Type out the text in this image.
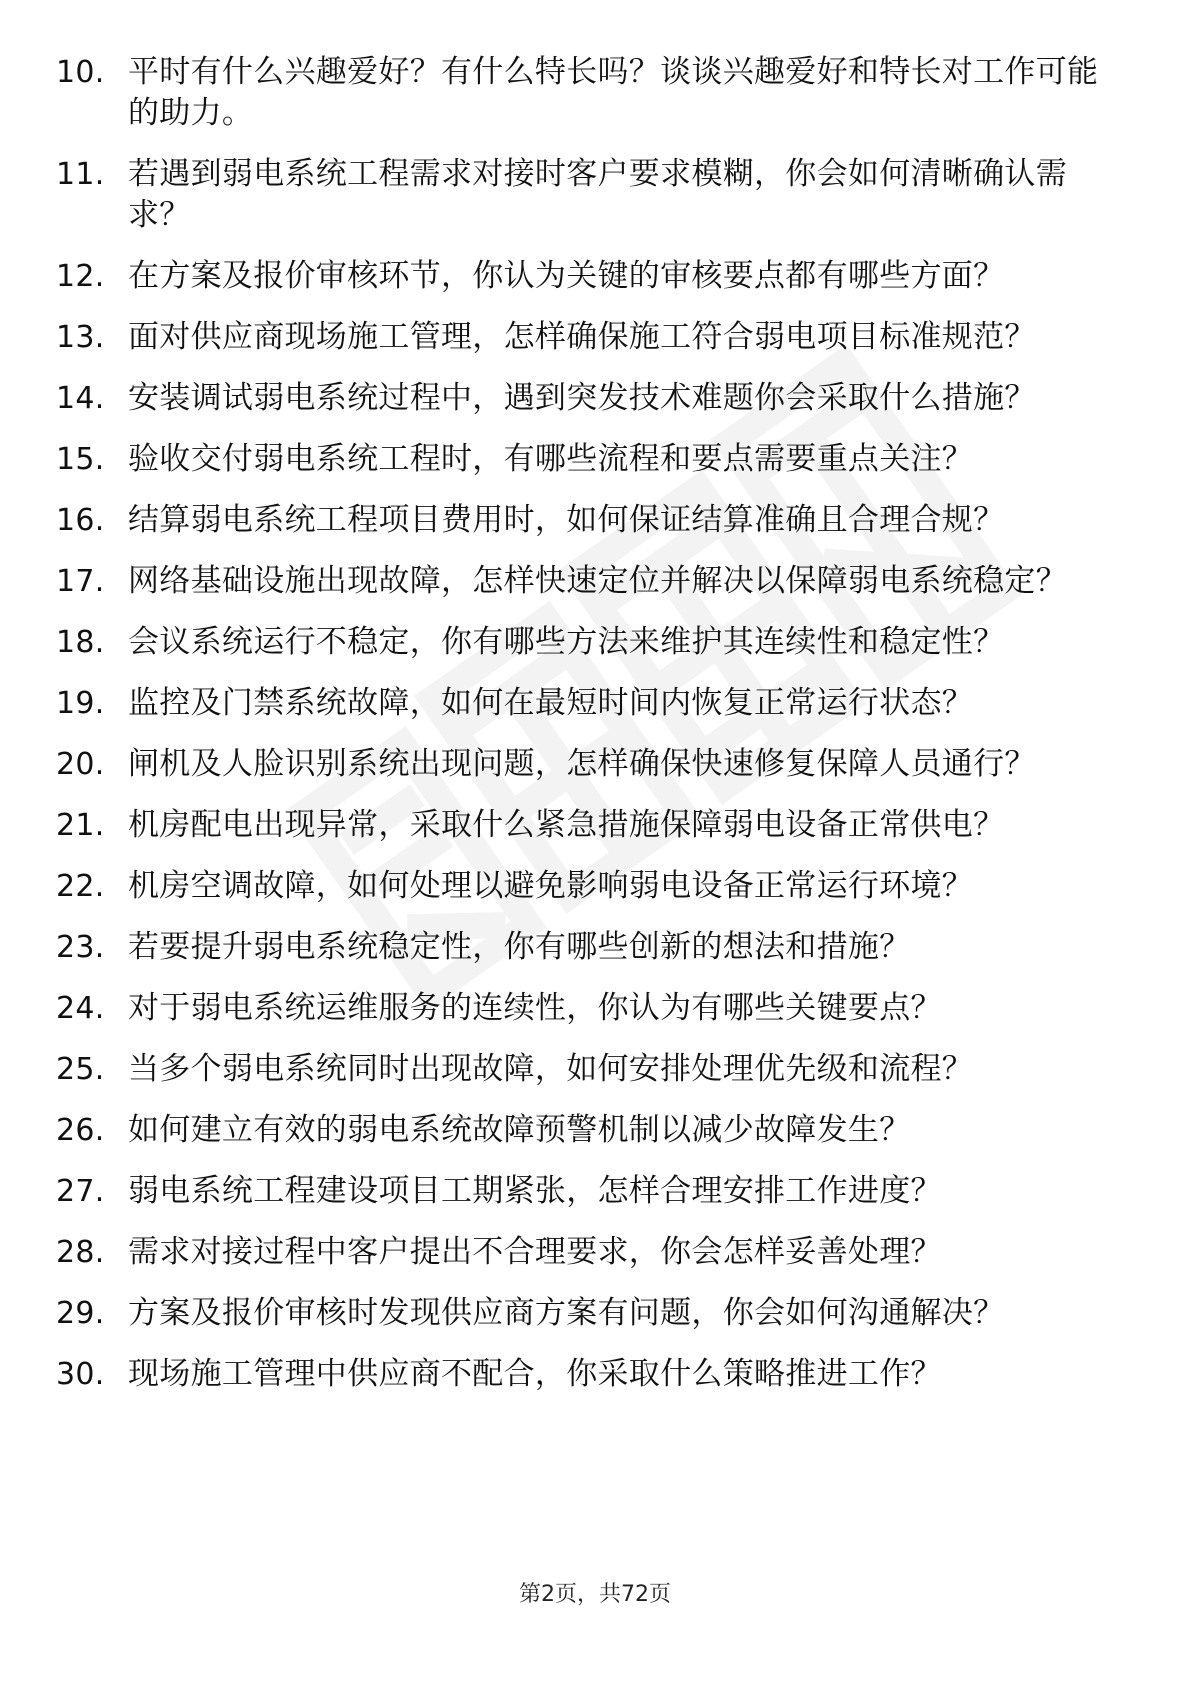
10. 平时有什么兴趣爱好？有什么特长吗？谈谈兴趣爱好和特长对工作可能的助力。
11. 若遇到弱电系统工程需求对接时客户要求模糊，你会如何清晰确认需求？
12. 在方案及报价审核环节，你认为关键的审核要点都有哪些方面？
13. 面对供应商现场施工管理，怎样确保施工符合弱电项目标准规范？
14. 安装调试弱电系统过程中，遇到突发技术难题你会采取什么措施？
15. 验收交付弱电系统工程时，有哪些流程和要点需要重点关注？
16. 结算弱电系统工程项目费用时，如何保证结算准确且合理合规？
17. 网络基础设施出现故障，怎样快速定位并解决以保障弱电系统稳定？
18. 会议系统运行不稳定，你有哪些方法来维护其连续性和稳定性？
19. 监控及门禁系统故障，如何在最短时间内恢复正常运行状态？
20. 闸机及人脸识别系统出现问题，怎样确保快速修复保障人员通行？
21. 机房配电出现异常，采取什么紧急措施保障弱电设备正常供电？
22. 机房空调故障，如何处理以避免影响弱电设备正常运行环境？
23. 若要提升弱电系统稳定性，你有哪些创新的想法和措施？
24. 对于弱电系统运维服务的连续性，你认为有哪些关键要点？
25. 当多个弱电系统同时出现故障，如何安排处理优先级和流程？
26. 如何建立有效的弱电系统故障预警机制以减少故障发生？
27. 弱电系统工程建设项目工期紧张，怎样合理安排工作进度？
28. 需求对接过程中客户提出不合理要求，你会怎样妥善处理？
29. 方案及报价审核时发现供应商方案有问题，你会如何沟通解决？
30. 现场施工管理中供应商不配合，你采取什么策略推进工作？
第2页，共72页
